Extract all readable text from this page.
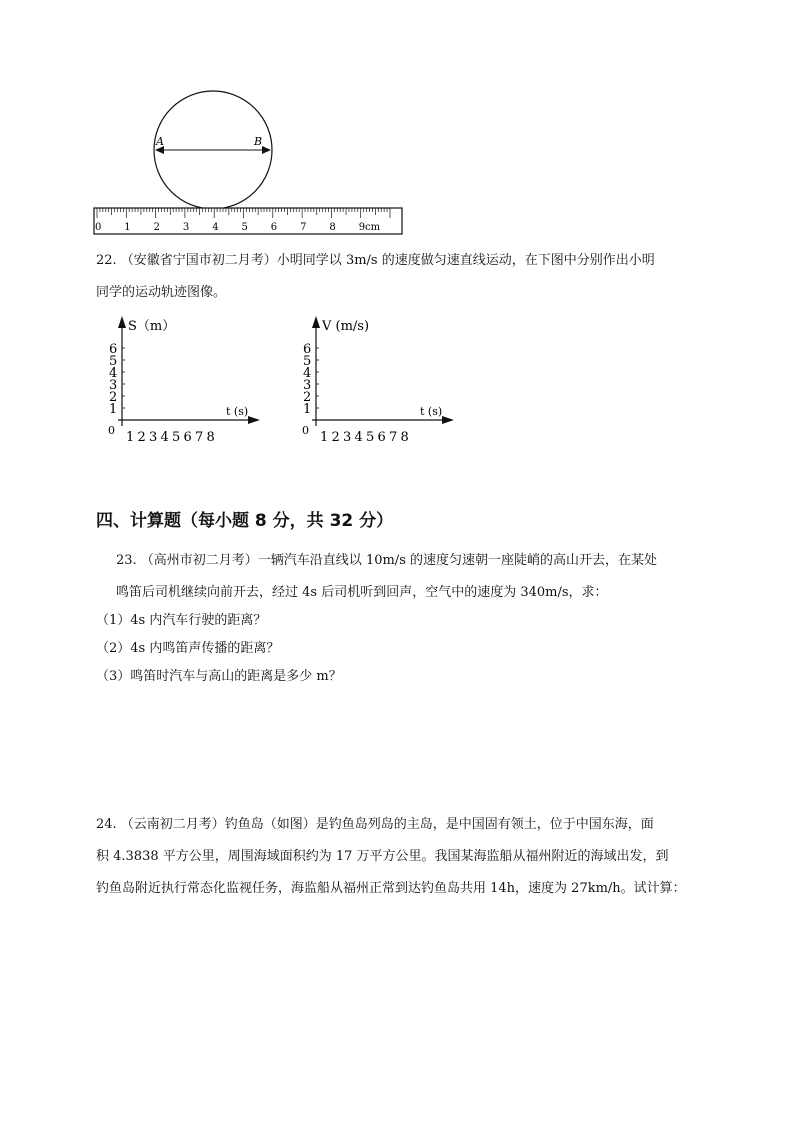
A	B
0 1 2 3 4 5 6 7 8 9cm
22. （安徽省宁国市初二月考）小明同学以 3m/s 的速度做匀速直线运动，在下图中分别作出小明
同学的运动轨迹图像。
S（m）
t (s)
0
1
2
3
4
5
6
1 2 3 4 5 6 7 8
V (m/s)
t (s)
0
1
2
3
4
5
6
1 2 3 4 5 6 7 8
四、计算题（每小题 8 分，共 32 分）
23. （高州市初二月考）一辆汽车沿直线以 10m/s 的速度匀速朝一座陡峭的高山开去，在某处
鸣笛后司机继续向前开去，经过 4s 后司机听到回声，空气中的速度为 340m/s，求：
（1）4s 内汽车行驶的距离？
（2）4s 内鸣笛声传播的距离？
（3）鸣笛时汽车与高山的距离是多少 m？
24. （云南初二月考）钓鱼岛（如图）是钓鱼岛列岛的主岛，是中国固有领土，位于中国东海，面
积 4.3838 平方公里，周围海域面积约为 17 万平方公里。我国某海监船从福州附近的海域出发，到
钓鱼岛附近执行常态化监视任务，海监船从福州正常到达钓鱼岛共用 14h，速度为 27km/h。试计算：
